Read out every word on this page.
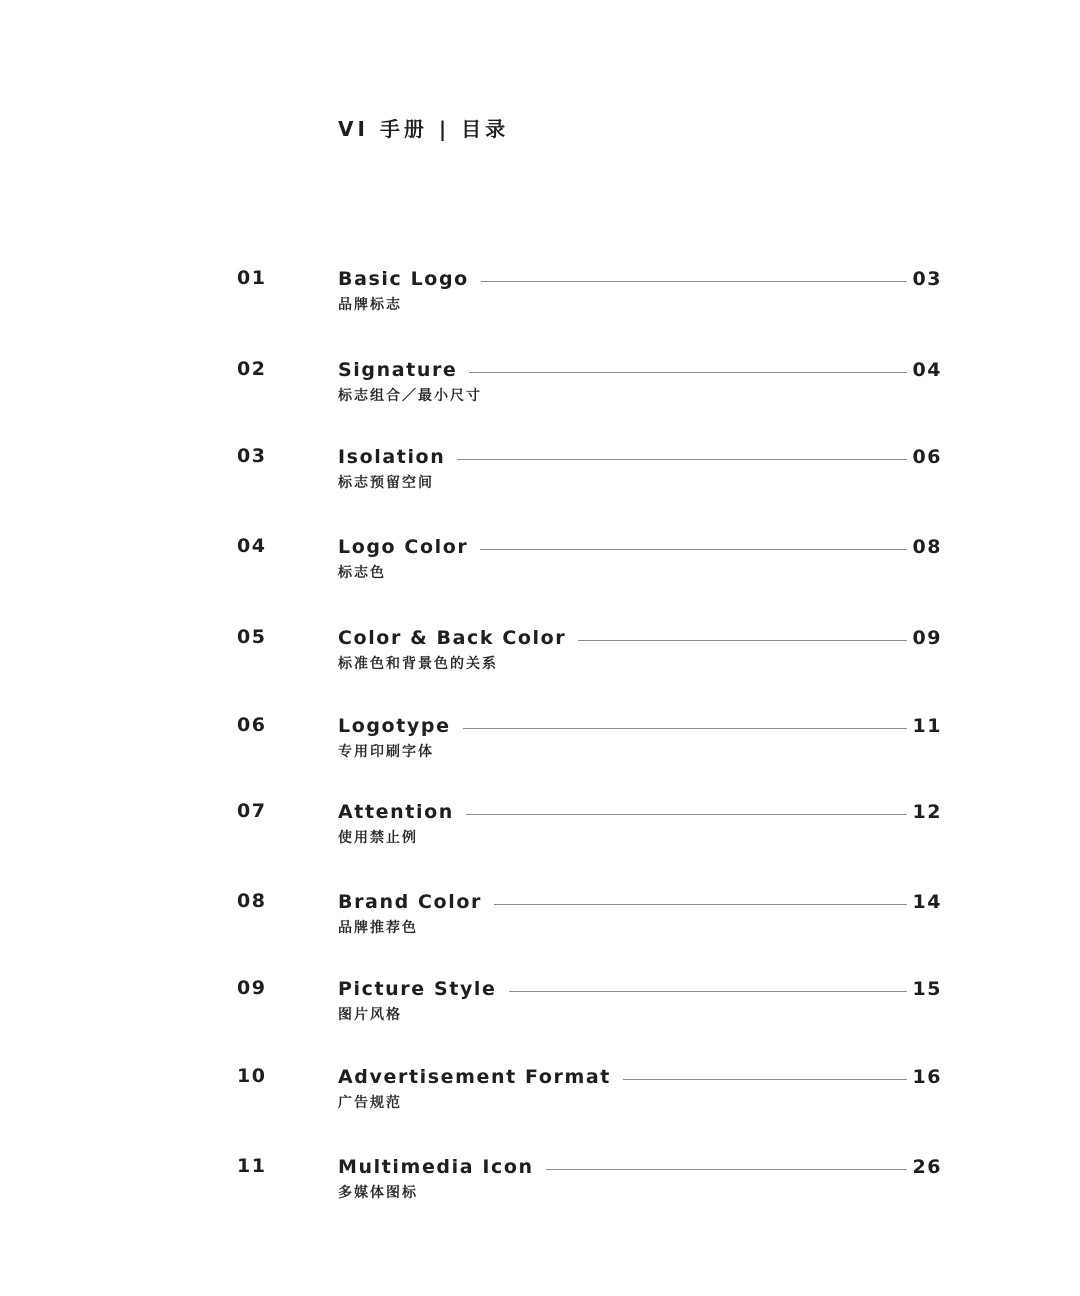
VI 手册 | 目录
01	Basic Logo	03
品牌标志
02	Signature	04
标志组合／最小尺寸
03	Isolation	06
标志预留空间
04	Logo Color	08
标志色
05	Color & Back Color	09
标准色和背景色的关系
06	Logotype	11
专用印刷字体
07	Attention	12
使用禁止例
08	Brand Color	14
品牌推荐色
09	Picture Style	15
图片风格
10	Advertisement Format	16
广告规范
11	Multimedia Icon	26
多媒体图标
